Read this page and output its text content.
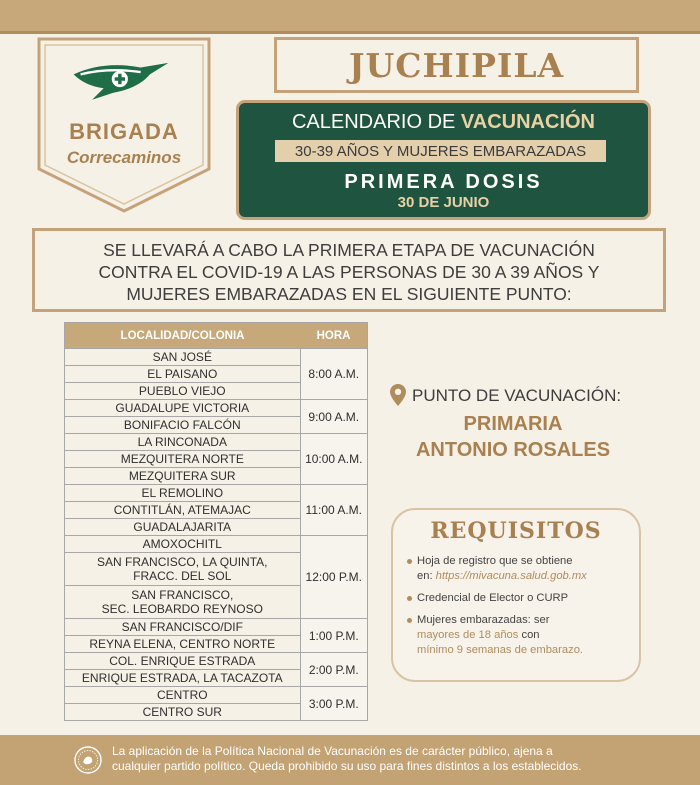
BRIGADA
Correcaminos
JUCHIPILA
CALENDARIO DE VACUNACIÓN
30-39 AÑOS Y MUJERES EMBARAZADAS
PRIMERA DOSIS
30 DE JUNIO
SE LLEVARÁ A CABO LA PRIMERA ETAPA DE VACUNACIÓN
CONTRA EL COVID-19 A LAS PERSONAS DE 30 A 39 AÑOS Y
MUJERES EMBARAZADAS EN EL SIGUIENTE PUNTO:
LOCALIDAD/COLONIA	HORA
SAN JOSÉ	8:00 A.M.
EL PAISANO	
PUEBLO VIEJO	
GUADALUPE VICTORIA	9:00 A.M.
BONIFACIO FALCÓN	
LA RINCONADA	10:00 A.M.
MEZQUITERA NORTE	
MEZQUITERA SUR	
EL REMOLINO	11:00 A.M.
CONTITLÁN, ATEMAJAC	
GUADALAJARITA	
AMOXOCHITL	12:00 P.M.

SAN FRANCISCO, LA QUINTA,
FRACC. DEL SOL	

SAN FRANCISCO,
SEC. LEOBARDO REYNOSO	

SAN FRANCISCO/DIF	1:00 P.M.
REYNA ELENA, CENTRO NORTE	
COL. ENRIQUE ESTRADA	2:00 P.M.
ENRIQUE ESTRADA, LA TACAZOTA	
CENTRO	3:00 P.M.
CENTRO SUR	
PUNTO DE VACUNACIÓN:
PRIMARIA
ANTONIO ROSALES
REQUISITOS
Hoja de registro que se obtiene
en: https://mivacuna.salud.gob.mx
Credencial de Elector o CURP
Mujeres embarazadas: ser
mayores de 18 años con
mínimo 9 semanas de embarazo.
La aplicación de la Política Nacional de Vacunación es de carácter público, ajena a
cualquier partido político. Queda prohibido su uso para fines distintos a los establecidos.
